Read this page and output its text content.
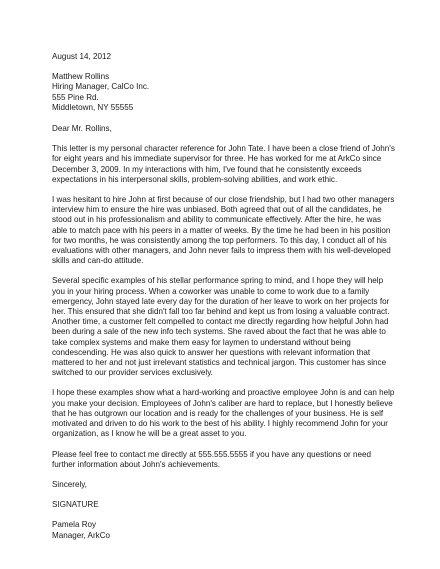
August 14, 2012
Matthew Rollins
Hiring Manager, CalCo Inc.
555 Pine Rd.
Middletown, NY 55555
Dear Mr. Rollins,
This letter is my personal character reference for John Tate. I have been a close friend of John's
for eight years and his immediate supervisor for three. He has worked for me at ArkCo since
December 3, 2009. In my interactions with him, I've found that he consistently exceeds
expectations in his interpersonal skills, problem-solving abilities, and work ethic.
I was hesitant to hire John at first because of our close friendship, but I had two other managers
interview him to ensure the hire was unbiased. Both agreed that out of all the candidates, he
stood out in his professionalism and ability to communicate effectively. After the hire, he was
able to match pace with his peers in a matter of weeks. By the time he had been in his position
for two months, he was consistently among the top performers. To this day, I conduct all of his
evaluations with other managers, and John never fails to impress them with his well-developed
skills and can-do attitude.
Several specific examples of his stellar performance spring to mind, and I hope they will help
you in your hiring process. When a coworker was unable to come to work due to a family
emergency, John stayed late every day for the duration of her leave to work on her projects for
her. This ensured that she didn't fall too far behind and kept us from losing a valuable contract.
Another time, a customer felt compelled to contact me directly regarding how helpful John had
been during a sale of the new info tech systems. She raved about the fact that he was able to
take complex systems and make them easy for laymen to understand without being
condescending. He was also quick to answer her questions with relevant information that
mattered to her and not just irrelevant statistics and technical jargon. This customer has since
switched to our provider services exclusively.
I hope these examples show what a hard-working and proactive employee John is and can help
you make your decision. Employees of John's caliber are hard to replace, but I honestly believe
that he has outgrown our location and is ready for the challenges of your business. He is self
motivated and driven to do his work to the best of his ability. I highly recommend John for your
organization, as I know he will be a great asset to you.
Please feel free to contact me directly at 555.555.5555 if you have any questions or need
further information about John's achievements.
Sincerely,
SIGNATURE
Pamela Roy
Manager, ArkCo
